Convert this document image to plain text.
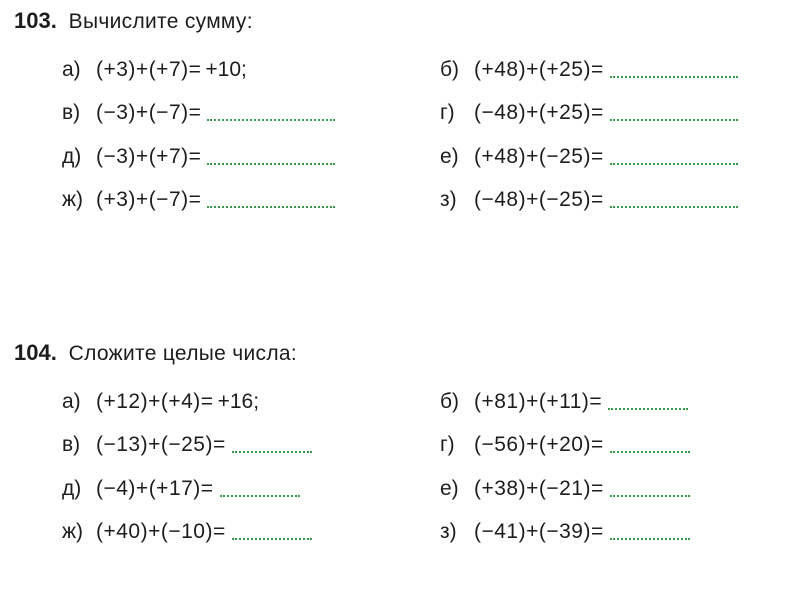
103. Вычислите сумму:
а) (+3)+(+7)= +10;	б) (+48)+(+25)=
в) (−3)+(−7)=	г) (−48)+(+25)=
д) (−3)+(+7)=	е) (+48)+(−25)=
ж) (+3)+(−7)=	з) (−48)+(−25)=
104. Сложите целые числа:
а) (+12)+(+4)= +16;	б) (+81)+(+11)=
в) (−13)+(−25)=	г) (−56)+(+20)=
д) (−4)+(+17)=	е) (+38)+(−21)=
ж) (+40)+(−10)=	з) (−41)+(−39)=
